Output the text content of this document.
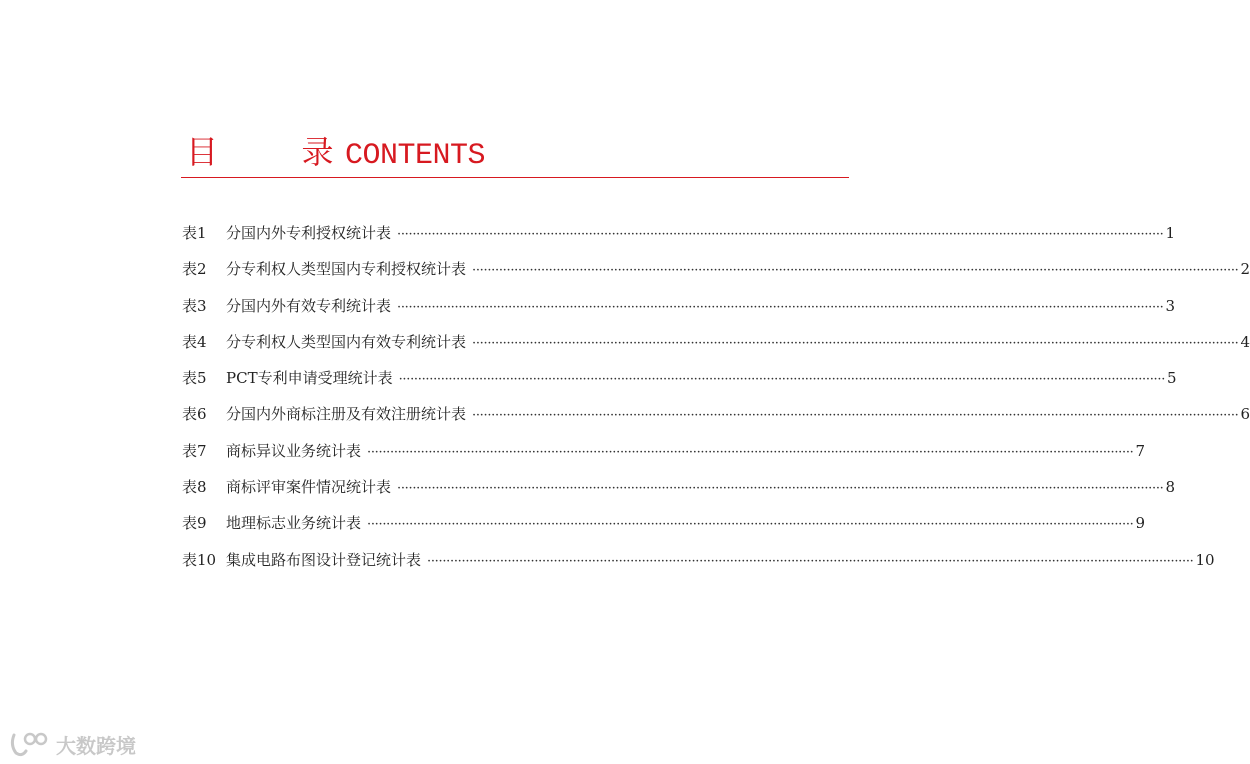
目	录 CONTENTS
表1	分国内外专利授权统计表 ········································································································································································································ 1
表2	分专利权人类型国内专利授权统计表 ········································································································································································································ 2
表3	分国内外有效专利统计表 ········································································································································································································ 3
表4	分专利权人类型国内有效专利统计表 ········································································································································································································ 4
表5	PCT专利申请受理统计表 ········································································································································································································ 5
表6	分国内外商标注册及有效注册统计表 ········································································································································································································ 6
表7	商标异议业务统计表 ········································································································································································································ 7
表8	商标评审案件情况统计表 ········································································································································································································ 8
表9	地理标志业务统计表 ········································································································································································································ 9
表10 集成电路布图设计登记统计表 ········································································································································································································ 10
大数跨境
